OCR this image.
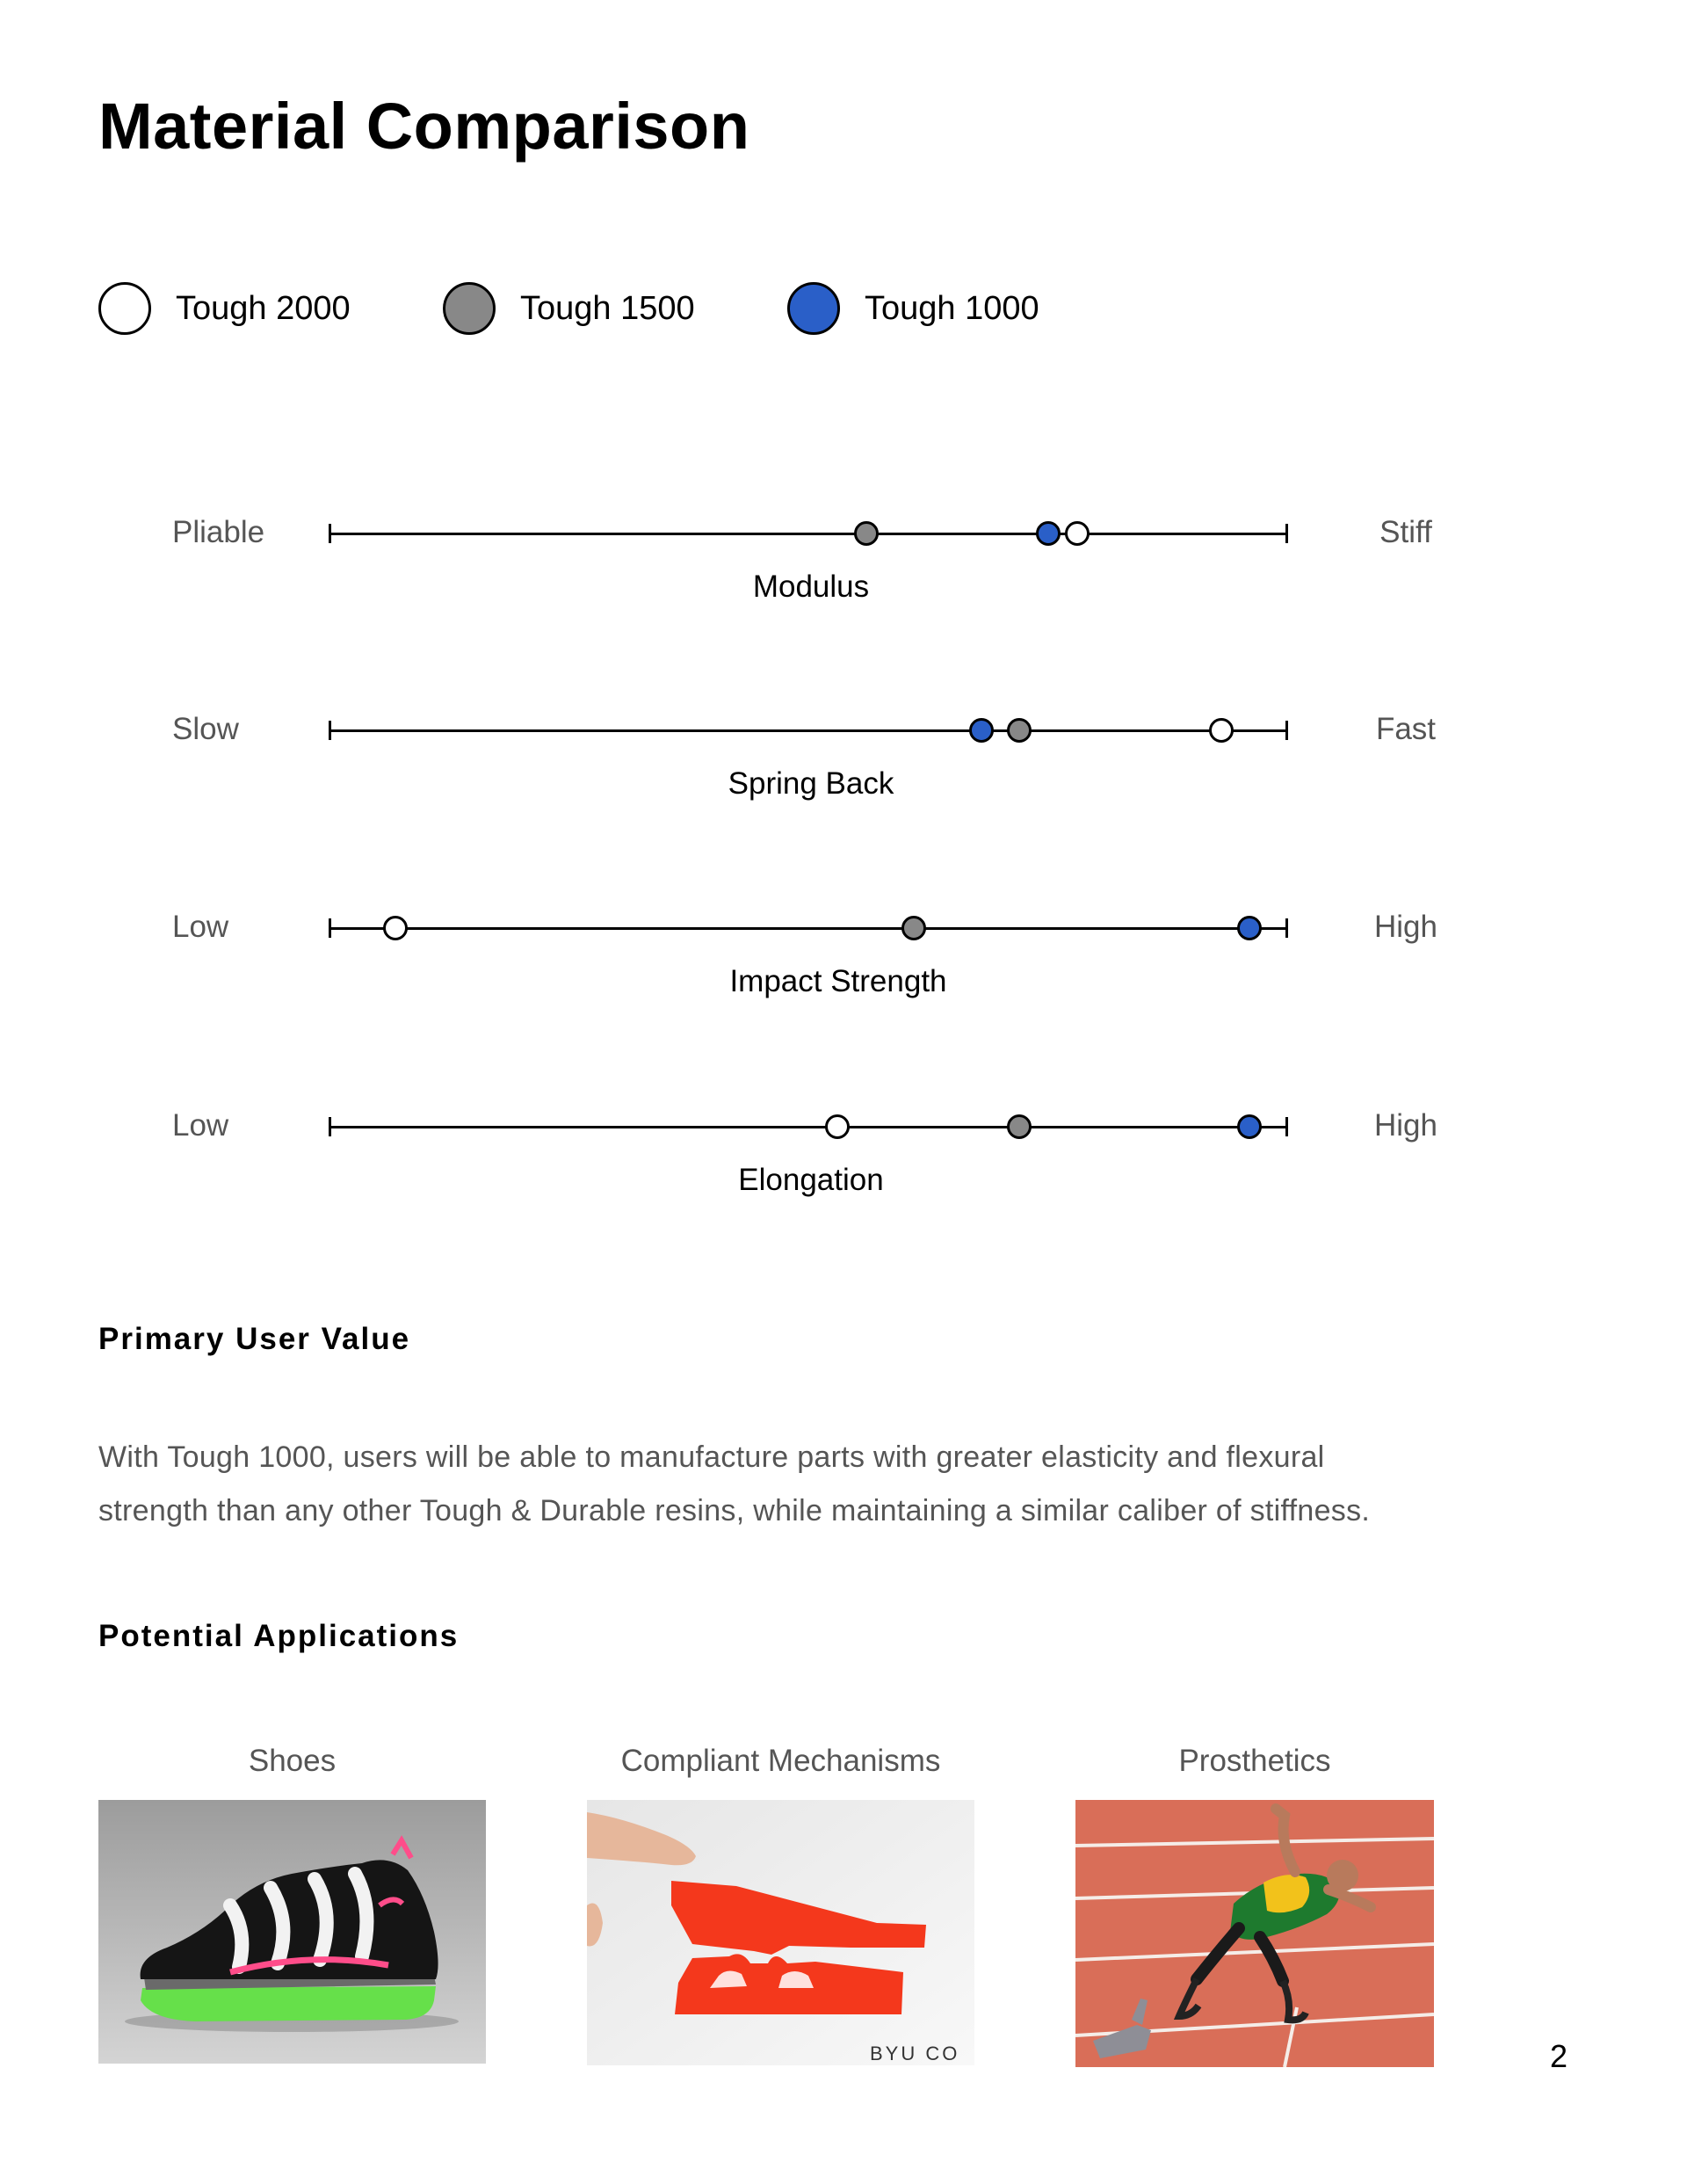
Material Comparison
Tough 2000	Tough 1500	Tough 1000
Pliable	Stiff
Modulus
Slow	Fast
Spring Back
Low	High
Impact Strength
Low	High
Elongation
Primary User Value

With Tough 1000, users will be able to manufacture parts with greater elasticity and flexural
strength than any other Tough & Durable resins, while maintaining a similar caliber of stiffness.

Potential Applications
Shoes	Compliant Mechanisms	Prosthetics
BYU CO	2
